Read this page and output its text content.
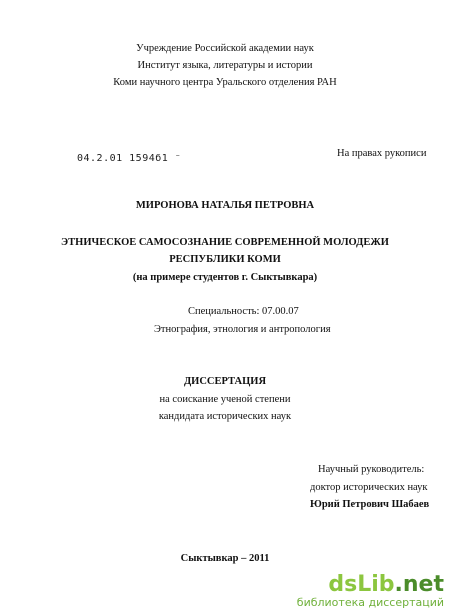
Учреждение Российской академии наук
Институт языка, литературы и истории
Коми научного центра Уральского отделения РАН
04.2.01 1594б1 ⁻	На правах рукописи
МИРОНОВА НАТАЛЬЯ ПЕТРОВНА
ЭТНИЧЕСКОЕ САМОСОЗНАНИЕ СОВРЕМЕННОЙ МОЛОДЕЖИ
РЕСПУБЛИКИ КОМИ
(на примере студентов г. Сыктывкара)
Специальность: 07.00.07
Этнография, этнология и антропология
ДИССЕРТАЦИЯ
на соискание ученой степени
кандидата исторических наук
Научный руководитель:
доктор исторических наук
Юрий Петрович Шабаев
Сыктывкар – 2011
dsLib.net
библиотека диссертаций
